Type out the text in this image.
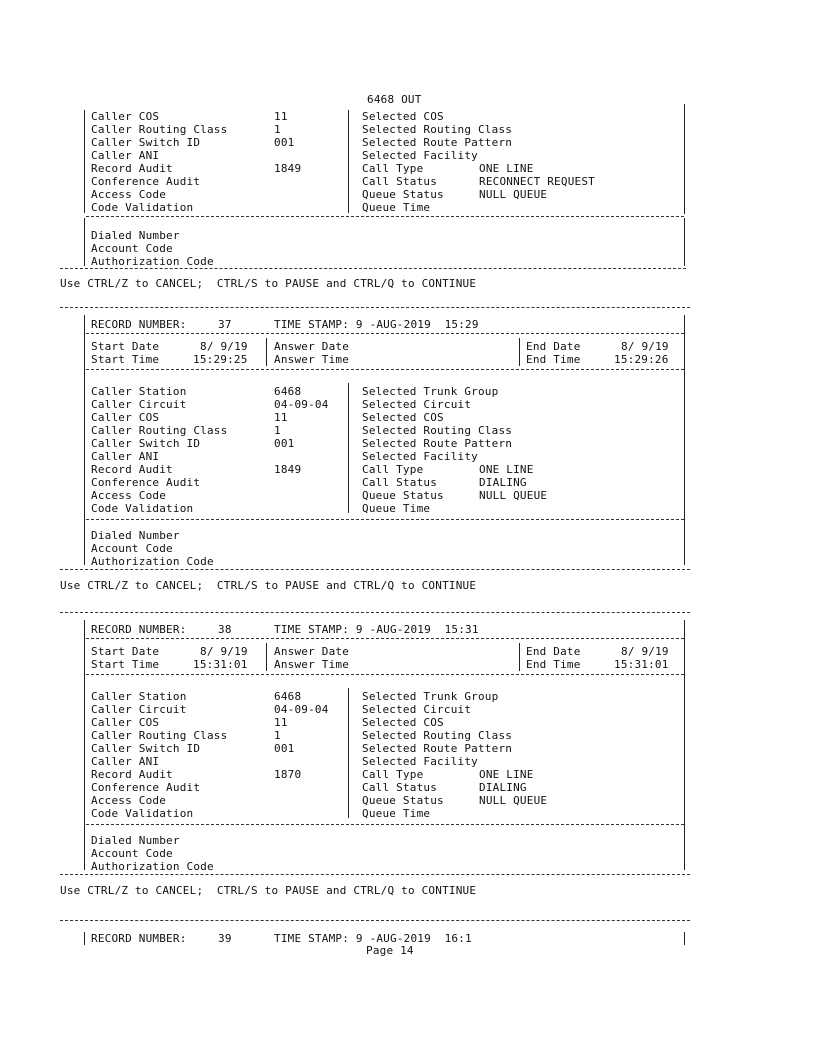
6468 OUT
Caller COS	11
Caller Routing Class	1
Caller Switch ID	001
Caller ANI
Record Audit	1849
Conference Audit
Access Code
Code Validation
Selected COS
Selected Routing Class
Selected Route Pattern
Selected Facility
Call Type	ONE LINE
Call Status	RECONNECT REQUEST
Queue Status	NULL QUEUE
Queue Time
Dialed Number
Account Code
Authorization Code
Use CTRL/Z to CANCEL;  CTRL/S to PAUSE and CTRL/Q to CONTINUE
RECORD NUMBER:	37	TIME STAMP: 9 -AUG-2019  15:29
Start Date	8/ 9/19
Start Time	15:29:25
Answer Date
Answer Time
End Date	8/ 9/19
End Time	15:29:26
Caller Station	6468
Caller Circuit	04-09-04
Caller COS	11
Caller Routing Class	1
Caller Switch ID	001
Caller ANI
Record Audit	1849
Conference Audit
Access Code
Code Validation
Selected Trunk Group
Selected Circuit
Selected COS
Selected Routing Class
Selected Route Pattern
Selected Facility
Call Type	ONE LINE
Call Status	DIALING
Queue Status	NULL QUEUE
Queue Time
Dialed Number
Account Code
Authorization Code
Use CTRL/Z to CANCEL;  CTRL/S to PAUSE and CTRL/Q to CONTINUE
RECORD NUMBER:	38	TIME STAMP: 9 -AUG-2019  15:31
Start Date	8/ 9/19
Start Time	15:31:01
Answer Date
Answer Time
End Date	8/ 9/19
End Time	15:31:01
Caller Station	6468
Caller Circuit	04-09-04
Caller COS	11
Caller Routing Class	1
Caller Switch ID	001
Caller ANI
Record Audit	1870
Conference Audit
Access Code
Code Validation
Selected Trunk Group
Selected Circuit
Selected COS
Selected Routing Class
Selected Route Pattern
Selected Facility
Call Type	ONE LINE
Call Status	DIALING
Queue Status	NULL QUEUE
Queue Time
Dialed Number
Account Code
Authorization Code
Use CTRL/Z to CANCEL;  CTRL/S to PAUSE and CTRL/Q to CONTINUE
RECORD NUMBER:	39	TIME STAMP: 9 -AUG-2019  16:1
Page 14
